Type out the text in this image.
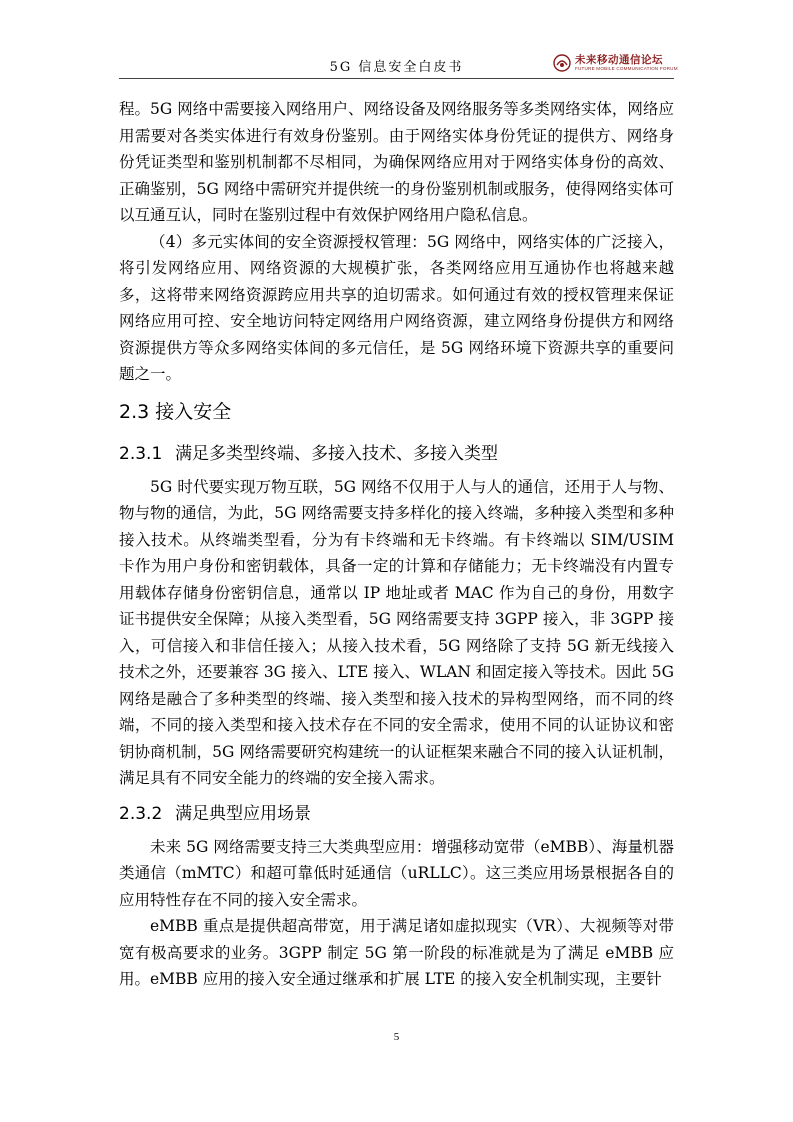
5G 信息安全白皮书	未来移动通信论坛
FUTURE MOBILE COMMUNICATION FORUM

程。5G 网络中需要接入网络用户、网络设备及网络服务等多类网络实体，网络应用需要对各类实体进行有效身份鉴别。由于网络实体身份凭证的提供方、网络身份凭证类型和鉴别机制都不尽相同，为确保网络应用对于网络实体身份的高效、正确鉴别，5G 网络中需研究并提供统一的身份鉴别机制或服务，使得网络实体可以互通互认，同时在鉴别过程中有效保护网络用户隐私信息。

（4）多元实体间的安全资源授权管理：5G 网络中，网络实体的广泛接入，将引发网络应用、网络资源的大规模扩张，各类网络应用互通协作也将越来越多，这将带来网络资源跨应用共享的迫切需求。如何通过有效的授权管理来保证网络应用可控、安全地访问特定网络用户网络资源，建立网络身份提供方和网络资源提供方等众多网络实体间的多元信任，是 5G 网络环境下资源共享的重要问题之一。

2.3 接入安全
2.3.1 满足多类型终端、多接入技术、多接入类型

5G 时代要实现万物互联，5G 网络不仅用于人与人的通信，还用于人与物、物与物的通信，为此，5G 网络需要支持多样化的接入终端，多种接入类型和多种接入技术。从终端类型看，分为有卡终端和无卡终端。有卡终端以 SIM/USIM 卡作为用户身份和密钥载体，具备一定的计算和存储能力；无卡终端没有内置专用载体存储身份密钥信息，通常以 IP 地址或者 MAC 作为自己的身份，用数字证书提供安全保障；从接入类型看，5G 网络需要支持 3GPP 接入，非 3GPP 接入，可信接入和非信任接入；从接入技术看，5G 网络除了支持 5G 新无线接入技术之外，还要兼容 3G 接入、LTE 接入、WLAN 和固定接入等技术。因此 5G 网络是融合了多种类型的终端、接入类型和接入技术的异构型网络，而不同的终端，不同的接入类型和接入技术存在不同的安全需求，使用不同的认证协议和密钥协商机制，5G 网络需要研究构建统一的认证框架来融合不同的接入认证机制，满足具有不同安全能力的终端的安全接入需求。

2.3.2 满足典型应用场景

未来 5G 网络需要支持三大类典型应用：增强移动宽带（eMBB）、海量机器类通信（mMTC）和超可靠低时延通信（uRLLC）。这三类应用场景根据各自的应用特性存在不同的接入安全需求。

eMBB 重点是提供超高带宽，用于满足诸如虚拟现实（VR）、大视频等对带宽有极高要求的业务。3GPP 制定 5G 第一阶段的标准就是为了满足 eMBB 应用。eMBB 应用的接入安全通过继承和扩展 LTE 的接入安全机制实现，主要针

5
